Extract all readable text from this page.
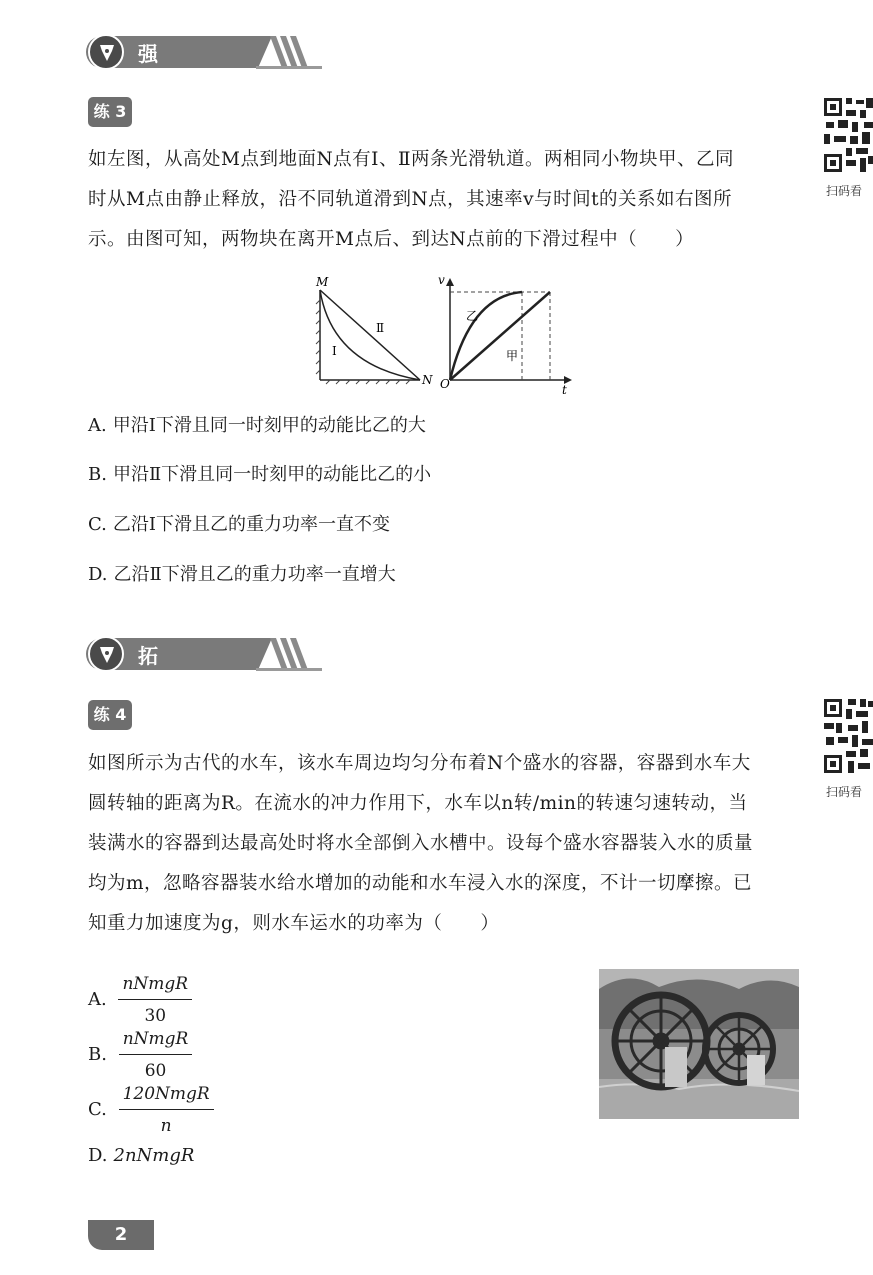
强化训练
练 3
扫码看
如左图，从高处M点到地面N点有Ⅰ、Ⅱ两条光滑轨道。两相同小物块甲、乙同
时从M点由静止释放，沿不同轨道滑到N点，其速率v与时间t的关系如右图所
示。由图可知，两物块在离开M点后、到达N点前的下滑过程中（　　）
M
N
Ⅰ
Ⅱ
v
t
O
乙
甲
A. 甲沿Ⅰ下滑且同一时刻甲的动能比乙的大
B. 甲沿Ⅱ下滑且同一时刻甲的动能比乙的小
C. 乙沿Ⅰ下滑且乙的重力功率一直不变
D. 乙沿Ⅱ下滑且乙的重力功率一直增大
拓展拔高
练 4
扫码看
如图所示为古代的水车，该水车周边均匀分布着N个盛水的容器，容器到水车大
圆转轴的距离为R。在流水的冲力作用下，水车以n转/min的转速匀速转动，当
装满水的容器到达最高处时将水全部倒入水槽中。设每个盛水容器装入水的质量
均为m，忽略容器装水给水增加的动能和水车浸入水的深度，不计一切摩擦。已
知重力加速度为g，则水车运水的功率为（　　）
A. $\frac{\text{nNmgR}}{30}$
B. $\frac{\text{nNmgR}}{60}$
C. $\frac{\text{120NmgR}}{n}$
D. 2nNmgR
2
